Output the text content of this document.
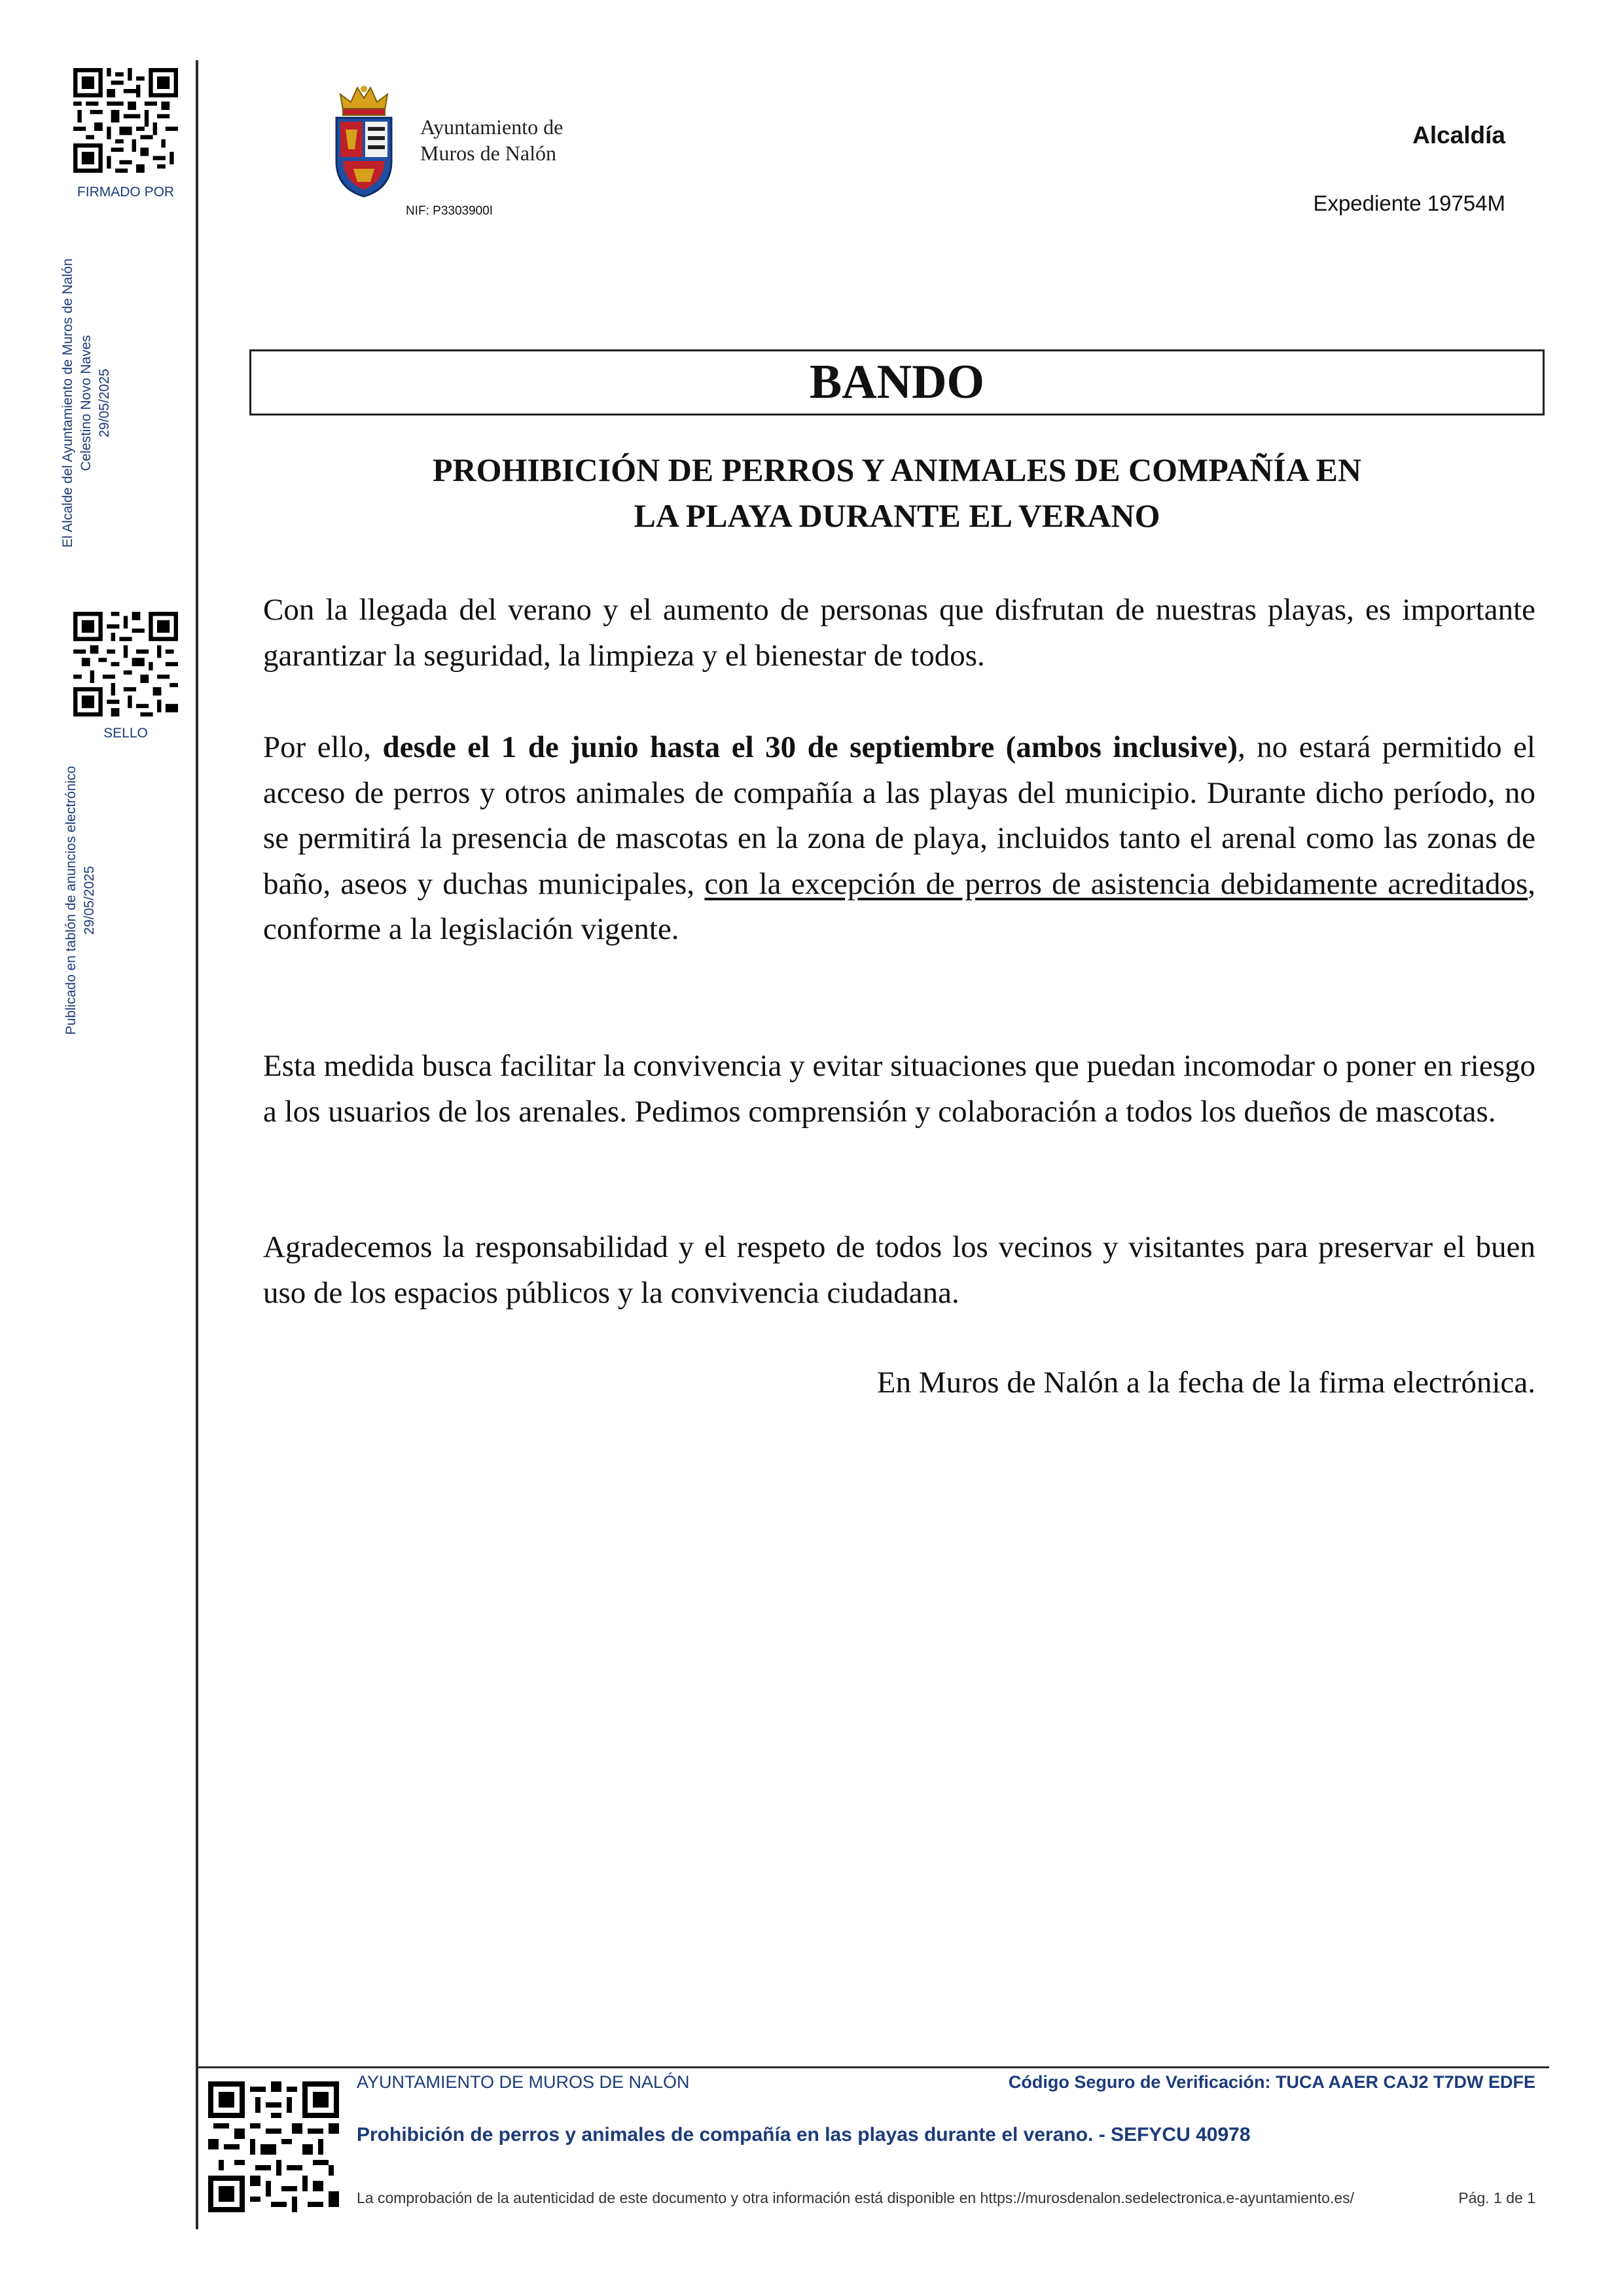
FIRMADO POR
El Alcalde del Ayuntamiento de Muros de Nalón Celestino Novo Naves 29/05/2025
SELLO
Publicado en tablón de anuncios electrónico 29/05/2025
Ayuntamiento de
Muros de Nalón
NIF: P3303900I
Alcaldía
Expediente 19754M
BANDO
PROHIBICIÓN DE PERROS Y ANIMALES DE COMPAÑÍA EN
LA PLAYA DURANTE EL VERANO
Con la llegada del verano y el aumento de personas que disfrutan de nuestras playas, es importante garantizar la seguridad, la limpieza y el bienestar de todos.
Por ello, desde el 1 de junio hasta el 30 de septiembre (ambos inclusive), no estará permitido el acceso de perros y otros animales de compañía a las playas del municipio. Durante dicho período, no se permitirá la presencia de mascotas en la zona de playa, incluidos tanto el arenal como las zonas de baño, aseos y duchas municipales, con la excepción de perros de asistencia debidamente acreditados, conforme a la legislación vigente.
Esta medida busca facilitar la convivencia y evitar situaciones que puedan incomodar o poner en riesgo a los usuarios de los arenales. Pedimos comprensión y colaboración a todos los dueños de mascotas.
Agradecemos la responsabilidad y el respeto de todos los vecinos y visitantes para preservar el buen uso de los espacios públicos y la convivencia ciudadana.
En Muros de Nalón a la fecha de la firma electrónica.
AYUNTAMIENTO DE MUROS DE NALÓN	Código Seguro de Verificación: TUCA AAER CAJ2 T7DW EDFE
Prohibición de perros y animales de compañía en las playas durante el verano. - SEFYCU 40978
La comprobación de la autenticidad de este documento y otra información está disponible en https://murosdenalon.sedelectronica.e-ayuntamiento.es/	Pág. 1 de 1
